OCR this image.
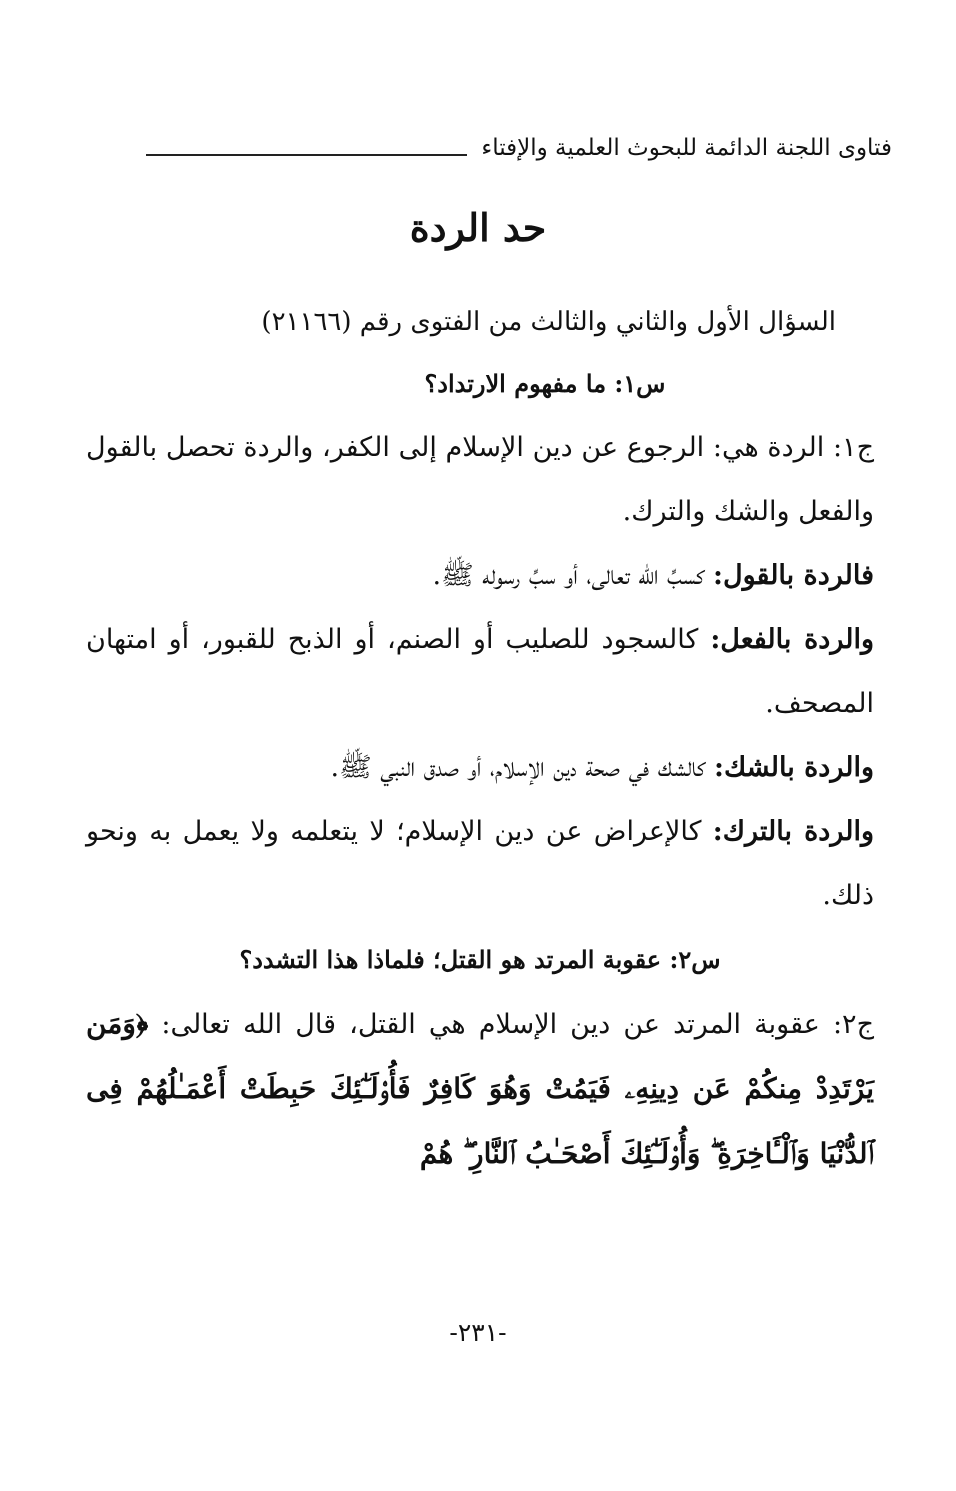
فتاوى اللجنة الدائمة للبحوث العلمية والإفتاء
حد الردة

السؤال الأول والثاني والثالث من الفتوى رقم (٢١١٦٦)

س١: ما مفهوم الارتداد؟

ج١: الردة هي: الرجوع عن دين الإسلام إلى الكفر، والردة تحصل بالقول والفعل والشك والترك.

فالردة بالقول: كسبِّ الله تعالى، أو سبِّ رسوله ﷺ.

والردة بالفعل: كالسجود للصليب أو الصنم، أو الذبح للقبور، أو امتهان المصحف.

والردة بالشك: كالشك في صحة دين الإسلام، أو صدق النبي ﷺ.

والردة بالترك: كالإعراض عن دين الإسلام؛ لا يتعلمه ولا يعمل به ونحو ذلك.

س٢: عقوبة المرتد هو القتل؛ فلماذا هذا التشدد؟

ج٢: عقوبة المرتد عن دين الإسلام هي القتل، قال الله تعالى: ﴿وَمَن يَرْتَدِدْ مِنكُمْ عَن دِينِهِۦ فَيَمُتْ وَهُوَ كَافِرٌ فَأُو۟لَـٰٓئِكَ حَبِطَتْ أَعْمَـٰلُهُمْ فِى ٱلدُّنْيَا وَٱلْـَٔاخِرَةِ ۖ وَأُو۟لَـٰٓئِكَ أَصْحَـٰبُ ٱلنَّارِ ۖ هُمْ

-٢٣١-
